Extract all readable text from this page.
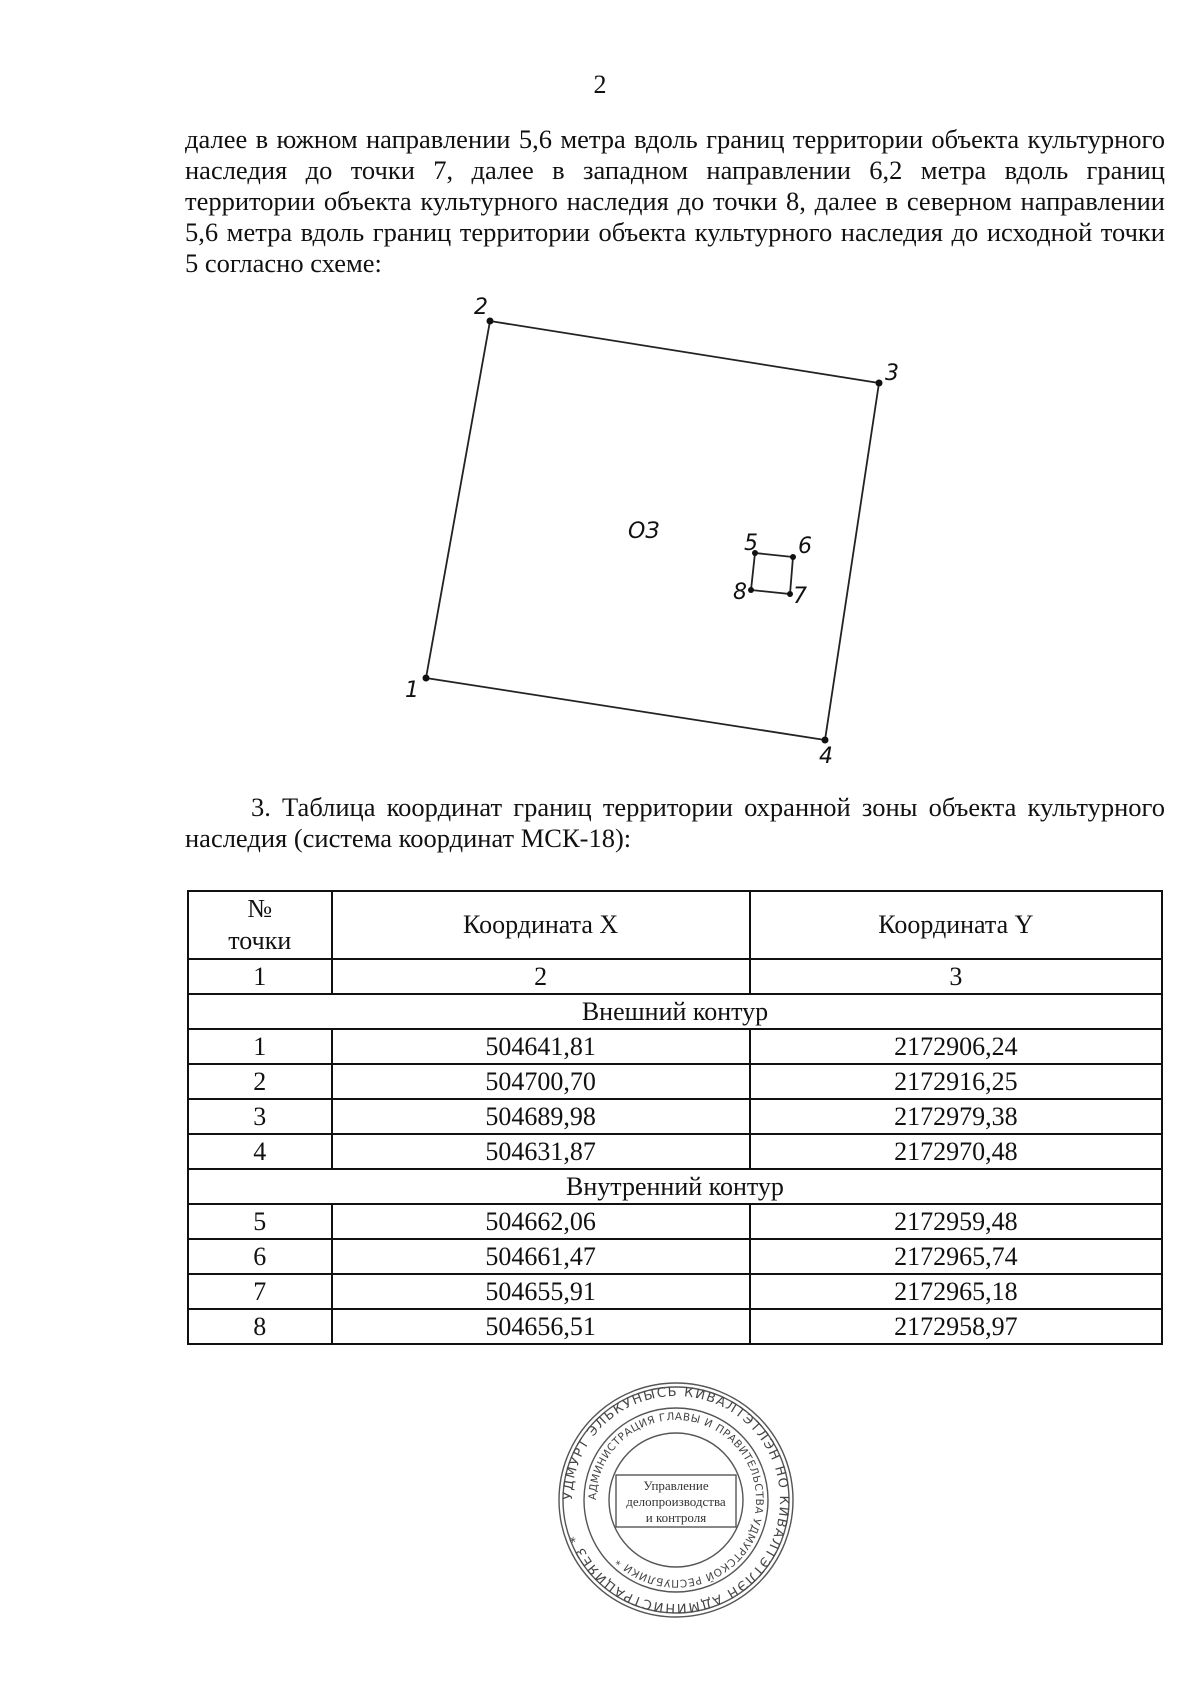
2
далее в южном направлении 5,6 метра вдоль границ территории объекта культурного наследия до точки 7, далее в западном направлении 6,2 метра вдоль границ территории объекта культурного наследия до точки 8, далее в северном направлении 5,6 метра вдоль границ территории объекта культурного наследия до исходной точки 5 согласно схеме:
1
2
3
4
5 6
7
8
ОЗ
3. Таблица координат границ территории охранной зоны объекта культурного наследия (система координат МСК-18):
№
точки	Координата X	Координата Y
1	2	3
Внешний контур		
1	504641,81	2172906,24
2	504700,70	2172916,25
3	504689,98	2172979,38
4	504631,87	2172970,48
Внутренний контур		
5	504662,06	2172959,48
6	504661,47	2172965,74
7	504655,91	2172965,18
8	504656,51	2172958,97
УДМУРТ ЭЛЬКУНЫСЬ КИВАЛТЭТЛЭН НО КИВАЛТЭТЛЭН АДМИНИСТРАЦИЯЕЗ *
АДМИНИСТРАЦИЯ ГЛАВЫ И ПРАВИТЕЛЬСТВА УДМУРТСКОЙ РЕСПУБЛИКИ *
Управление
делопроизводства
и контроля
